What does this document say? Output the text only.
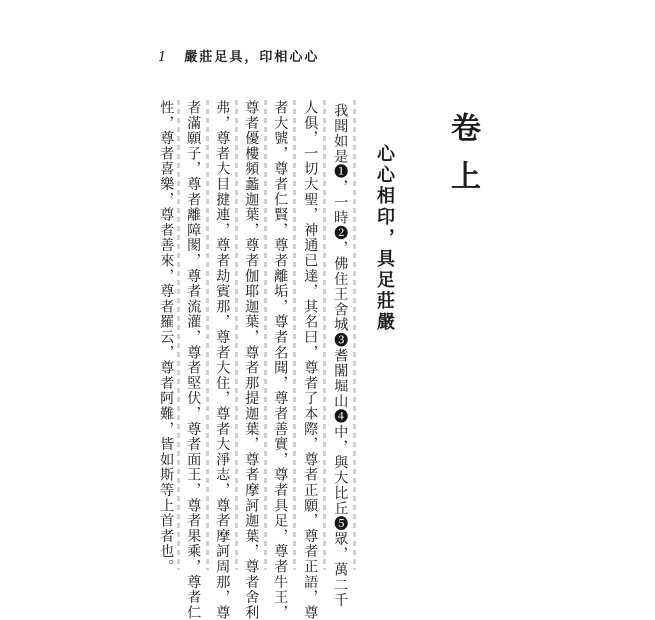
1 嚴莊足具，印相心心
卷上
心心相印，具足莊嚴
我聞如是❶，一時❷，佛住王舍城❸耆闍堀山❹中，與大比丘❺眾，萬二千
人俱，一切大聖，神通已達，其名曰，尊者了本際，尊者正願，尊者正語，尊
者大號，尊者仁賢，尊者離垢，尊者名聞，尊者善實，尊者具足，尊者牛王，
尊者優樓頻蠡迦葉，尊者伽耶迦葉，尊者那提迦葉，尊者摩訶迦葉，尊者舍利
弗，尊者大目揵連，尊者劫賓那，尊者大住，尊者大淨志，尊者摩訶周那，尊
者滿願子，尊者離障閡，尊者流灌，尊者堅伏，尊者面王，尊者果乘，尊者仁
性，尊者喜樂，尊者善來，尊者羅云，尊者阿難，皆如斯等上首者也。
